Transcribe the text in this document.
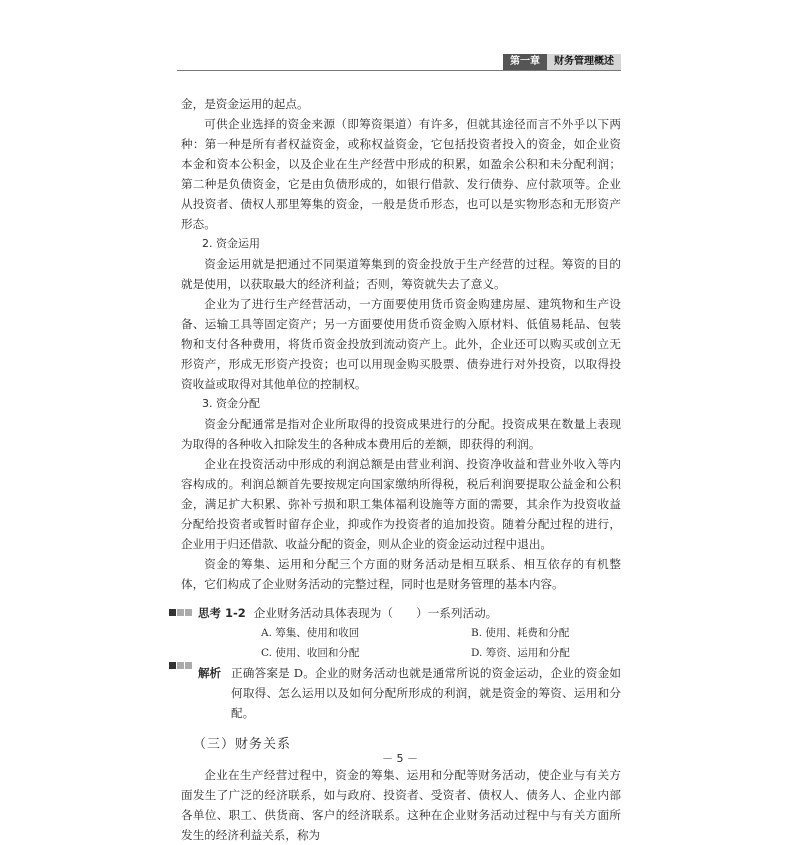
第一章	财务管理概述

金，是资金运用的起点。

可供企业选择的资金来源（即筹资渠道）有许多，但就其途径而言不外乎以下两种：第一种是所有者权益资金，或称权益资金，它包括投资者投入的资金，如企业资本金和资本公积金，以及企业在生产经营中形成的积累，如盈余公积和未分配利润；第二种是负债资金，它是由负债形成的，如银行借款、发行债券、应付款项等。企业从投资者、债权人那里筹集的资金，一般是货币形态，也可以是实物形态和无形资产形态。

2. 资金运用

资金运用就是把通过不同渠道筹集到的资金投放于生产经营的过程。筹资的目的就是使用，以获取最大的经济利益；否则，筹资就失去了意义。

企业为了进行生产经营活动，一方面要使用货币资金购建房屋、建筑物和生产设备、运输工具等固定资产；另一方面要使用货币资金购入原材料、低值易耗品、包装物和支付各种费用，将货币资金投放到流动资产上。此外，企业还可以购买或创立无形资产，形成无形资产投资；也可以用现金购买股票、债券进行对外投资，以取得投资收益或取得对其他单位的控制权。

3. 资金分配

资金分配通常是指对企业所取得的投资成果进行的分配。投资成果在数量上表现为取得的各种收入扣除发生的各种成本费用后的差额，即获得的利润。

企业在投资活动中形成的利润总额是由营业利润、投资净收益和营业外收入等内容构成的。利润总额首先要按规定向国家缴纳所得税，税后利润要提取公益金和公积金，满足扩大积累、弥补亏损和职工集体福利设施等方面的需要，其余作为投资收益分配给投资者或暂时留存企业，抑或作为投资者的追加投资。随着分配过程的进行，企业用于归还借款、收益分配的资金，则从企业的资金运动过程中退出。

资金的筹集、运用和分配三个方面的财务活动是相互联系、相互依存的有机整体，它们构成了企业财务活动的完整过程，同时也是财务管理的基本内容。

思考 1-2 企业财务活动具体表现为（　　）一系列活动。
A. 筹集、使用和收回	B. 使用、耗费和分配
C. 使用、收回和分配	D. 筹资、运用和分配
解析 正确答案是 D。企业的财务活动也就是通常所说的资金运动，企业的资金如何取得、怎么运用以及如何分配所形成的利润，就是资金的筹资、运用和分配。
（三）财务关系

企业在生产经营过程中，资金的筹集、运用和分配等财务活动，使企业与有关方面发生了广泛的经济联系，如与政府、投资者、受资者、债权人、债务人、企业内部各单位、职工、供货商、客户的经济联系。这种在企业财务活动过程中与有关方面所发生的经济利益关系，称为

－ 5 －
